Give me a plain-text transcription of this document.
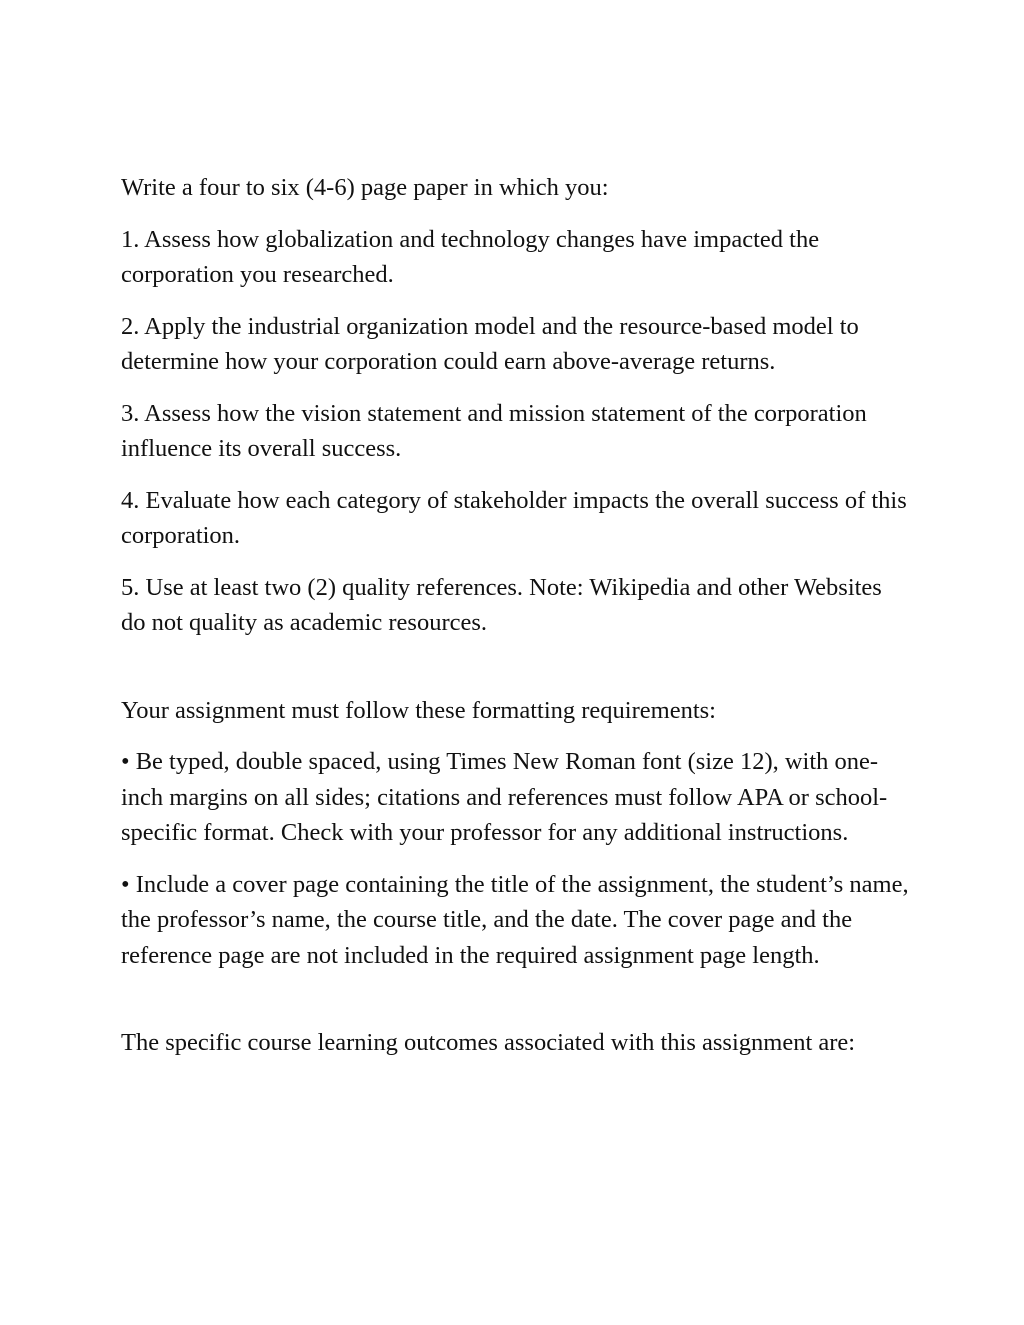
Write a four to six (4-6) page paper in which you:

1. Assess how globalization and technology changes have impacted the corporation you researched.

2. Apply the industrial organization model and the resource-based model to determine how your corporation could earn above-average returns.

3. Assess how the vision statement and mission statement of the corporation influence its overall success.

4. Evaluate how each category of stakeholder impacts the overall success of this corporation.

5. Use at least two (2) quality references. Note: Wikipedia and other Websites do not quality as academic resources.

Your assignment must follow these formatting requirements:

• Be typed, double spaced, using Times New Roman font (size 12), with one-inch margins on all sides; citations and references must follow APA or school-specific format. Check with your professor for any additional instructions.

• Include a cover page containing the title of the assignment, the student’s name, the professor’s name, the course title, and the date. The cover page and the reference page are not included in the required assignment page length.

The specific course learning outcomes associated with this assignment are:
